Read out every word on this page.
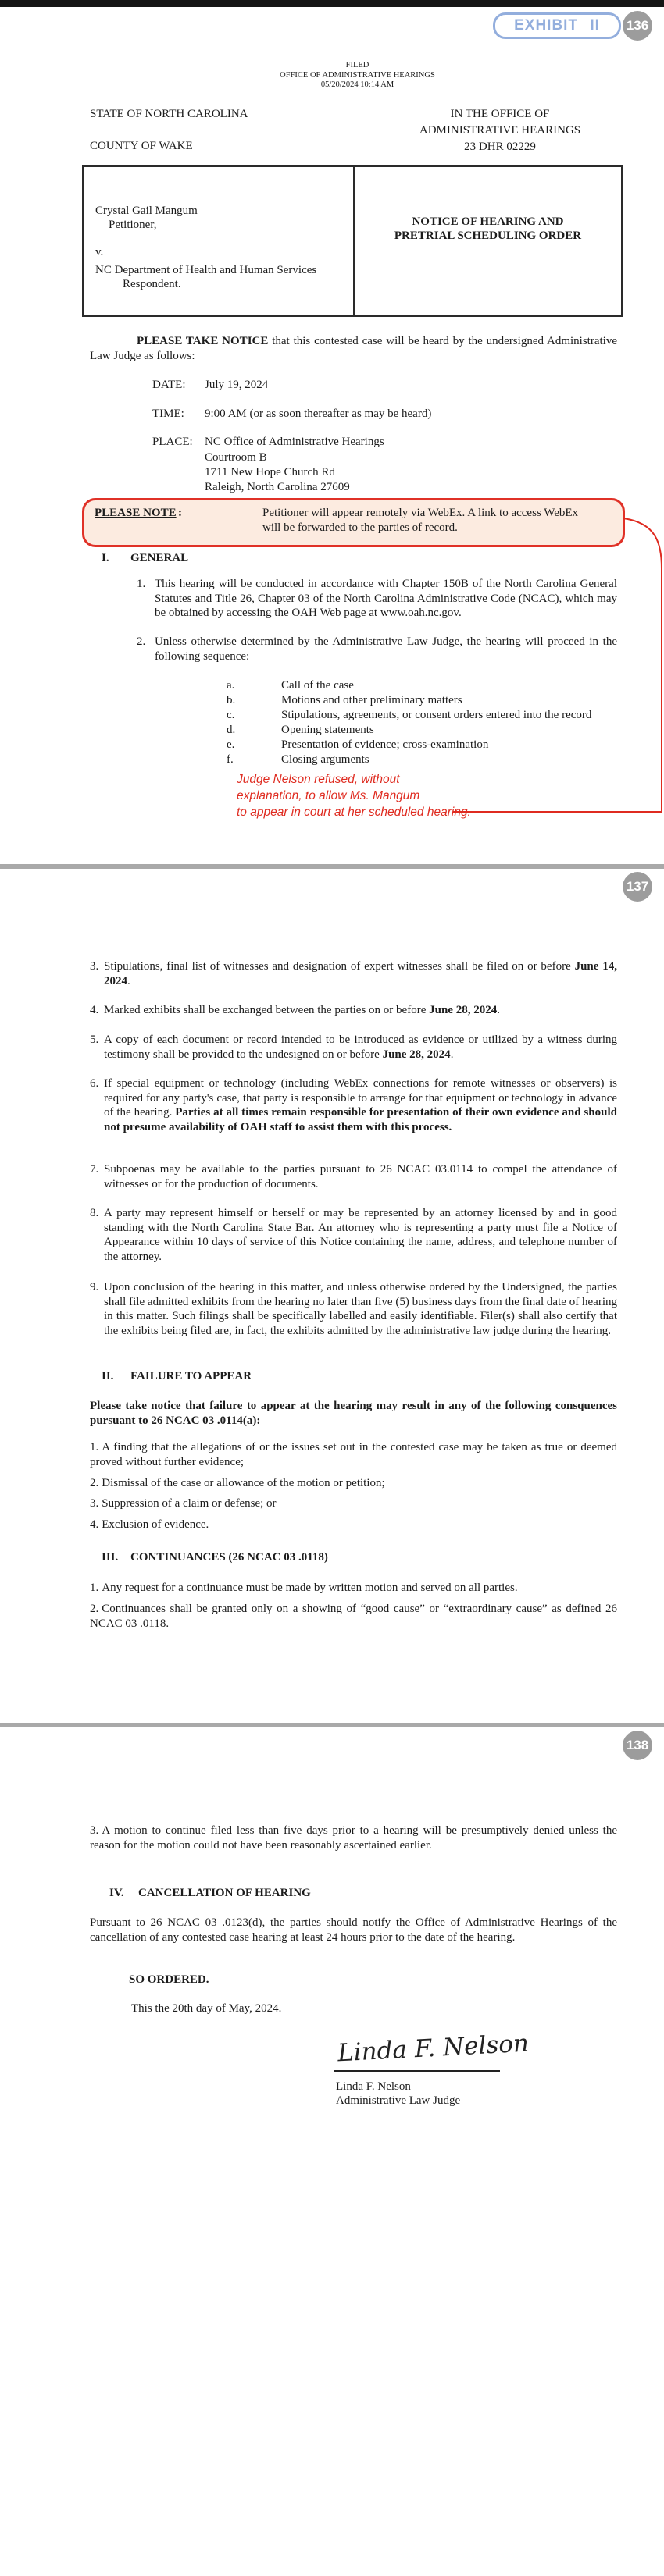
EXHIBIT II	136
FILED
OFFICE OF ADMINISTRATIVE HEARINGS
05/20/2024 10:14 AM
STATE OF NORTH CAROLINA
COUNTY OF WAKE
IN THE OFFICE OF
ADMINISTRATIVE HEARINGS
23 DHR 02229
Crystal Gail Mangum
Petitioner,
v.
NC Department of Health and Human Services
Respondent.
NOTICE OF HEARING AND
PRETRIAL SCHEDULING ORDER

PLEASE TAKE NOTICE that this contested case will be heard by the undersigned Administrative Law Judge as follows:

DATE: July 19, 2024
TIME: 9:00 AM (or as soon thereafter as may be heard)
PLACE: NC Office of Administrative Hearings
Courtroom B
1711 New Hope Church Rd
Raleigh, North Carolina 27609
PLEASE NOTE :	Petitioner will appear remotely via WebEx. A link to access WebEx
will be forwarded to the parties of record.
I. GENERAL
1. This hearing will be conducted in accordance with Chapter 150B of the North Carolina General Statutes and Title 26, Chapter 03 of the North Carolina Administrative Code (NCAC), which may be obtained by accessing the OAH Web page at www.oah.nc.gov.
2. Unless otherwise determined by the Administrative Law Judge, the hearing will proceed in the following sequence:
a.	Call of the case
b.	Motions and other preliminary matters
c.	Stipulations, agreements, or consent orders entered into the record
d.	Opening statements
e.	Presentation of evidence; cross-examination
f.	Closing arguments
Judge Nelson refused, without
explanation, to allow Ms. Mangum
to appear in court at her scheduled hearing.
137
3. Stipulations, final list of witnesses and designation of expert witnesses shall be filed on or before June 14, 2024.
4. Marked exhibits shall be exchanged between the parties on or before June 28, 2024.
5. A copy of each document or record intended to be introduced as evidence or utilized by a witness during testimony shall be provided to the undesigned on or before June 28, 2024.
6. If special equipment or technology (including WebEx connections for remote witnesses or observers) is required for any party's case, that party is responsible to arrange for that equipment or technology in advance of the hearing. Parties at all times remain responsible for presentation of their own evidence and should not presume availability of OAH staff to assist them with this process.
7. Subpoenas may be available to the parties pursuant to 26 NCAC 03.0114 to compel the attendance of witnesses or for the production of documents.
8. A party may represent himself or herself or may be represented by an attorney licensed by and in good standing with the North Carolina State Bar. An attorney who is representing a party must file a Notice of Appearance within 10 days of service of this Notice containing the name, address, and telephone number of the attorney.
9. Upon conclusion of the hearing in this matter, and unless otherwise ordered by the Undersigned, the parties shall file admitted exhibits from the hearing no later than five (5) business days from the final date of hearing in this matter. Such filings shall be specifically labelled and easily identifiable. Filer(s) shall also certify that the exhibits being filed are, in fact, the exhibits admitted by the administrative law judge during the hearing.
II. FAILURE TO APPEAR
Please take notice that failure to appear at the hearing may result in any of the following consquences pursuant to 26 NCAC 03 .0114(a):
1. A finding that the allegations of or the issues set out in the contested case may be taken as true or deemed proved without further evidence;
2. Dismissal of the case or allowance of the motion or petition;
3. Suppression of a claim or defense; or
4. Exclusion of evidence.
III. CONTINUANCES (26 NCAC 03 .0118)
1. Any request for a continuance must be made by written motion and served on all parties.
2. Continuances shall be granted only on a showing of “good cause” or “extraordinary cause” as defined 26 NCAC 03 .0118.
138
3. A motion to continue filed less than five days prior to a hearing will be presumptively denied unless the reason for the motion could not have been reasonably ascertained earlier.
IV. CANCELLATION OF HEARING
Pursuant to 26 NCAC 03 .0123(d), the parties should notify the Office of Administrative Hearings of the cancellation of any contested case hearing at least 24 hours prior to the date of the hearing.
SO ORDERED.
This the 20th day of May, 2024.
Linda F. Nelson
Linda F. Nelson
Administrative Law Judge
